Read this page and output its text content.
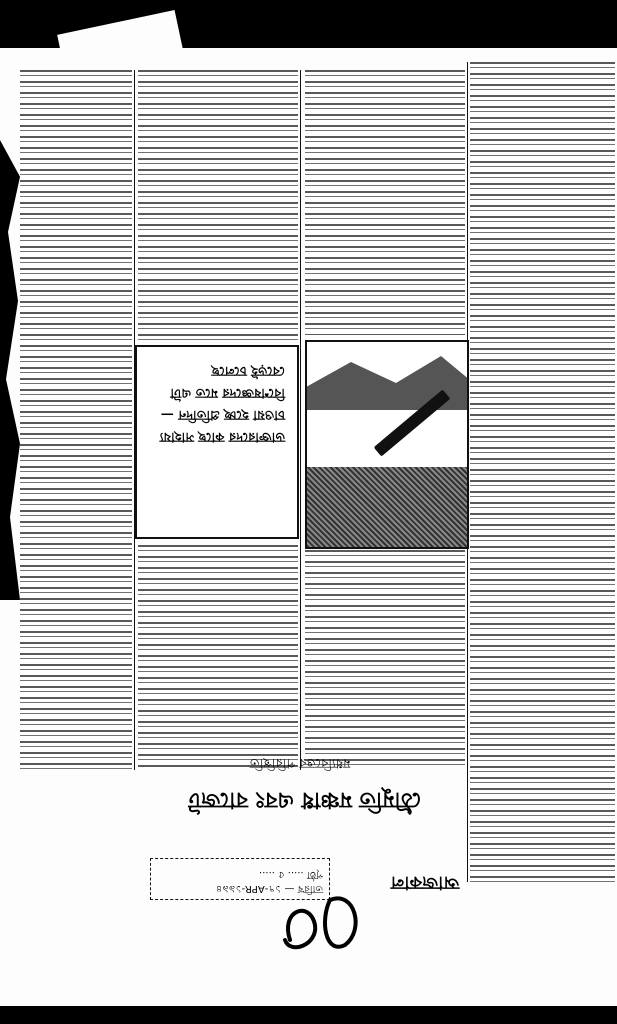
ডাক্তারদের কাছে সাহায্য চাওয়া হচ্ছে প্রতিদিন — বিশেষজ্ঞদের মতে এটা বেড়েই চলেছে

ঠৌমুতি মঞ্চাধ এবং বাজেট
মধ্যবিত্তের পরিস্থিতি
তারিখ — ১৭-APR-১৯৯৪
পৃষ্ঠা ..... ৫ .....	আজকাল
